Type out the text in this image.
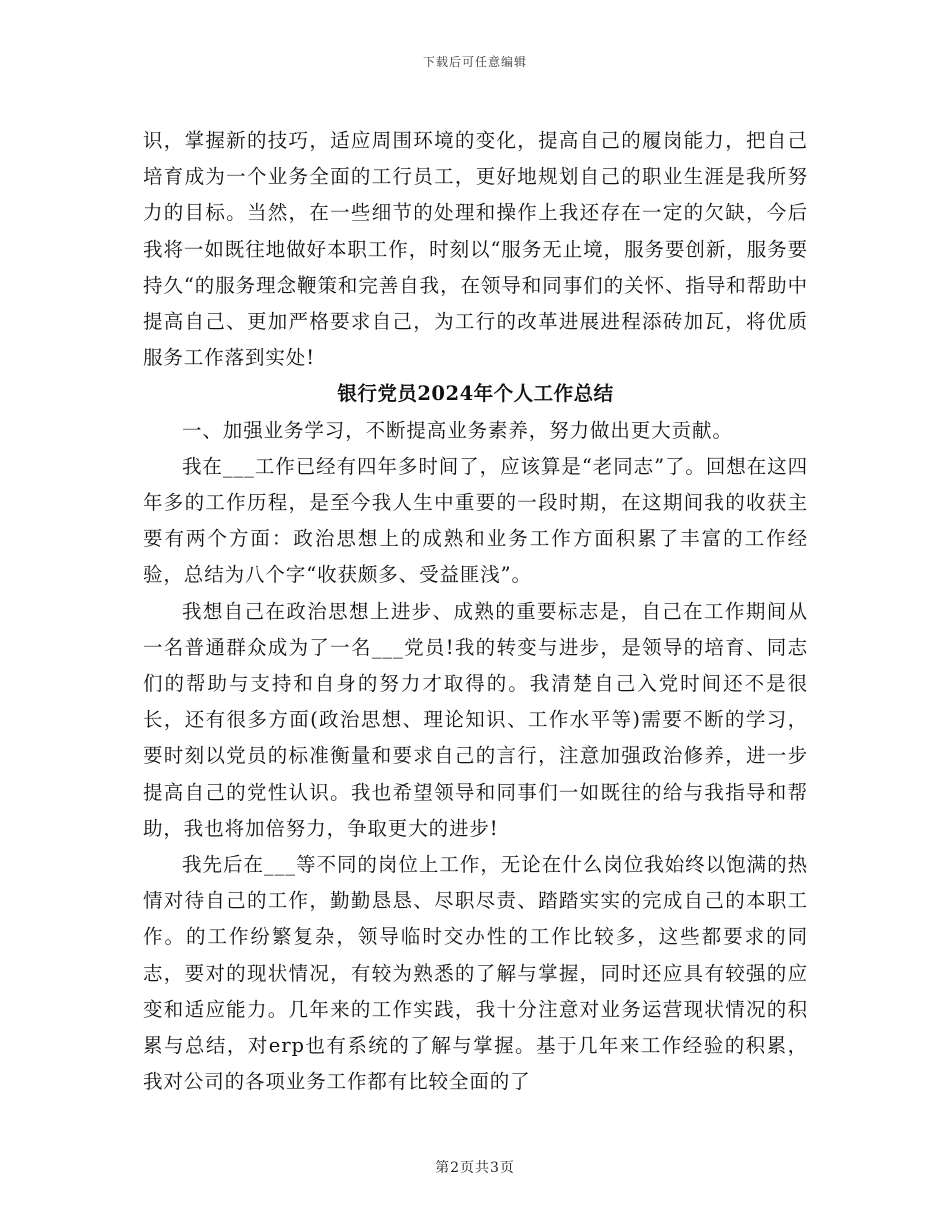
下载后可任意编辑

识，掌握新的技巧，适应周围环境的变化，提高自己的履岗能力，把自己培育成为一个业务全面的工行员工，更好地规划自己的职业生涯是我所努力的目标。当然，在一些细节的处理和操作上我还存在一定的欠缺，今后我将一如既往地做好本职工作，时刻以“服务无止境，服务要创新，服务要持久“的服务理念鞭策和完善自我，在领导和同事们的关怀、指导和帮助中提高自己、更加严格要求自己，为工行的改革进展进程添砖加瓦，将优质服务工作落到实处!

银行党员2024年个人工作总结

一、加强业务学习，不断提高业务素养，努力做出更大贡献。

我在___工作已经有四年多时间了，应该算是“老同志”了。回想在这四年多的工作历程，是至今我人生中重要的一段时期，在这期间我的收获主要有两个方面：政治思想上的成熟和业务工作方面积累了丰富的工作经验，总结为八个字“收获颇多、受益匪浅”。

我想自己在政治思想上进步、成熟的重要标志是，自己在工作期间从一名普通群众成为了一名___党员!我的转变与进步，是领导的培育、同志们的帮助与支持和自身的努力才取得的。我清楚自己入党时间还不是很长，还有很多方面(政治思想、理论知识、工作水平等)需要不断的学习，要时刻以党员的标准衡量和要求自己的言行，注意加强政治修养，进一步提高自己的党性认识。我也希望领导和同事们一如既往的给与我指导和帮助，我也将加倍努力，争取更大的进步!

我先后在___等不同的岗位上工作，无论在什么岗位我始终以饱满的热情对待自己的工作，勤勤恳恳、尽职尽责、踏踏实实的完成自己的本职工作。的工作纷繁复杂，领导临时交办性的工作比较多，这些都要求的同志，要对的现状情况，有较为熟悉的了解与掌握，同时还应具有较强的应变和适应能力。几年来的工作实践，我十分注意对业务运营现状情况的积累与总结，对erp也有系统的了解与掌握。基于几年来工作经验的积累，我对公司的各项业务工作都有比较全面的了

第2页共3页
